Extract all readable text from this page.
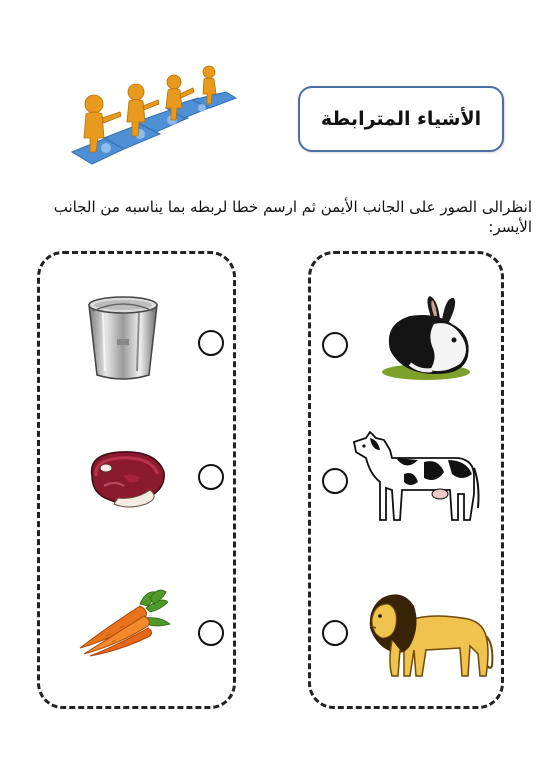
الأشياء المترابطة
انظرالى الصور على الجانب الأيمن ثم ارسم خطا لربطه بما يناسبه من الجانب الأيسر:
